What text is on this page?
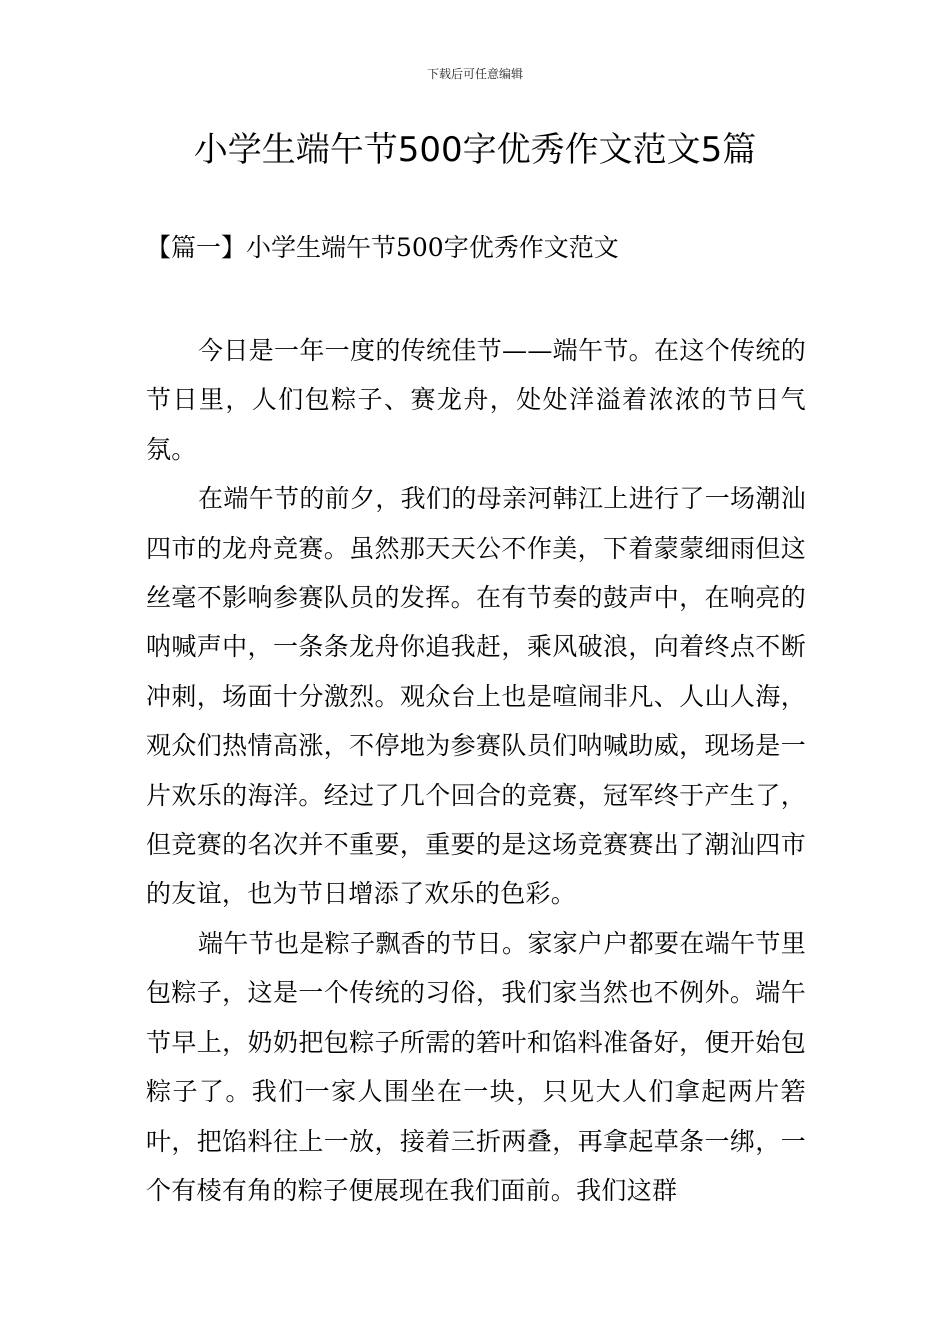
下载后可任意编辑
小学生端午节500字优秀作文范文5篇
【篇一】小学生端午节500字优秀作文范文

今日是一年一度的传统佳节——端午节。在这个传统的节日里，人们包粽子、赛龙舟，处处洋溢着浓浓的节日气氛。

在端午节的前夕，我们的母亲河韩江上进行了一场潮汕四市的龙舟竞赛。虽然那天天公不作美，下着蒙蒙细雨但这丝毫不影响参赛队员的发挥。在有节奏的鼓声中，在响亮的呐喊声中，一条条龙舟你追我赶，乘风破浪，向着终点不断冲刺，场面十分激烈。观众台上也是喧闹非凡、人山人海，观众们热情高涨，不停地为参赛队员们呐喊助威，现场是一片欢乐的海洋。经过了几个回合的竞赛，冠军终于产生了，但竞赛的名次并不重要，重要的是这场竞赛赛出了潮汕四市的友谊，也为节日增添了欢乐的色彩。

端午节也是粽子飘香的节日。家家户户都要在端午节里包粽子，这是一个传统的习俗，我们家当然也不例外。端午节早上，奶奶把包粽子所需的箬叶和馅料准备好，便开始包粽子了。我们一家人围坐在一块，只见大人们拿起两片箬叶，把馅料往上一放，接着三折两叠，再拿起草条一绑，一个有棱有角的粽子便展现在我们面前。我们这群
